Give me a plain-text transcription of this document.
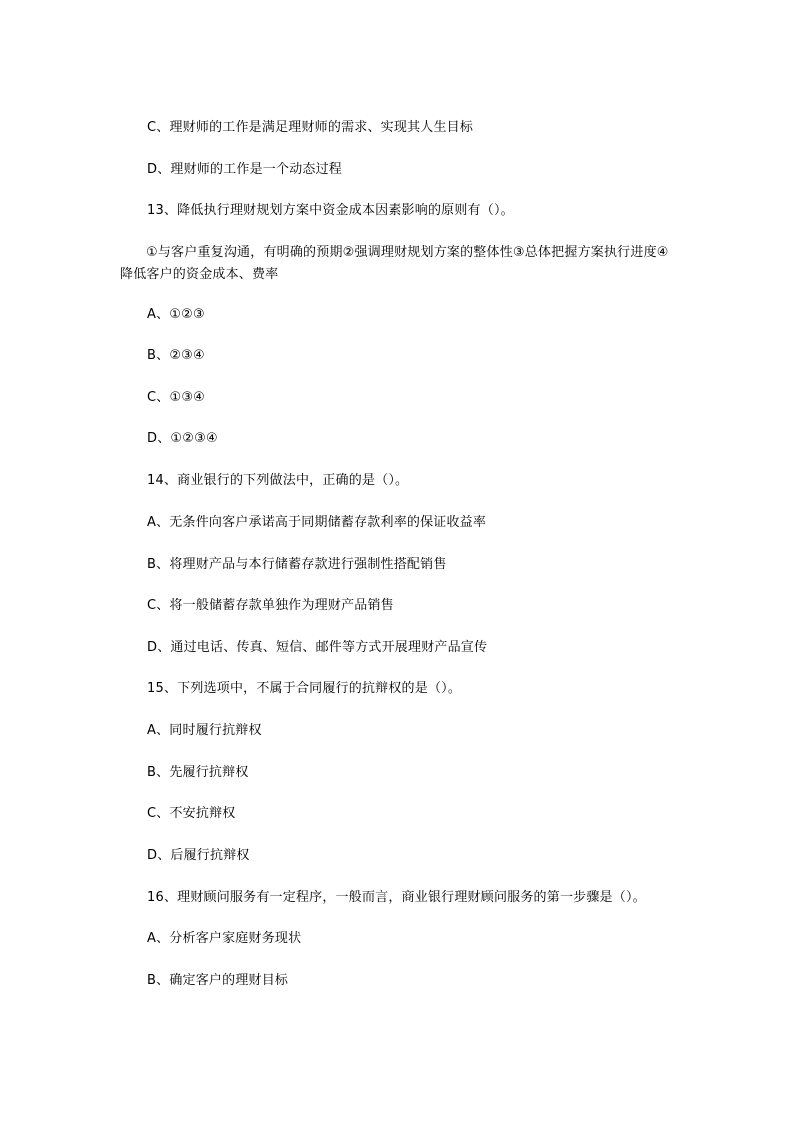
C、理财师的工作是满足理财师的需求、实现其人生目标
D、理财师的工作是一个动态过程
13、降低执行理财规划方案中资金成本因素影响的原则有（）。
①与客户重复沟通，有明确的预期②强调理财规划方案的整体性③总体把握方案执行进度④降低客户的资金成本、费率
A、①②③
B、②③④
C、①③④
D、①②③④
14、商业银行的下列做法中，正确的是（）。
A、无条件向客户承诺高于同期储蓄存款利率的保证收益率
B、将理财产品与本行储蓄存款进行强制性搭配销售
C、将一般储蓄存款单独作为理财产品销售
D、通过电话、传真、短信、邮件等方式开展理财产品宣传
15、下列选项中，不属于合同履行的抗辩权的是（）。
A、同时履行抗辩权
B、先履行抗辩权
C、不安抗辩权
D、后履行抗辩权
16、理财顾问服务有一定程序，一般而言，商业银行理财顾问服务的第一步骤是（）。
A、分析客户家庭财务现状
B、确定客户的理财目标
